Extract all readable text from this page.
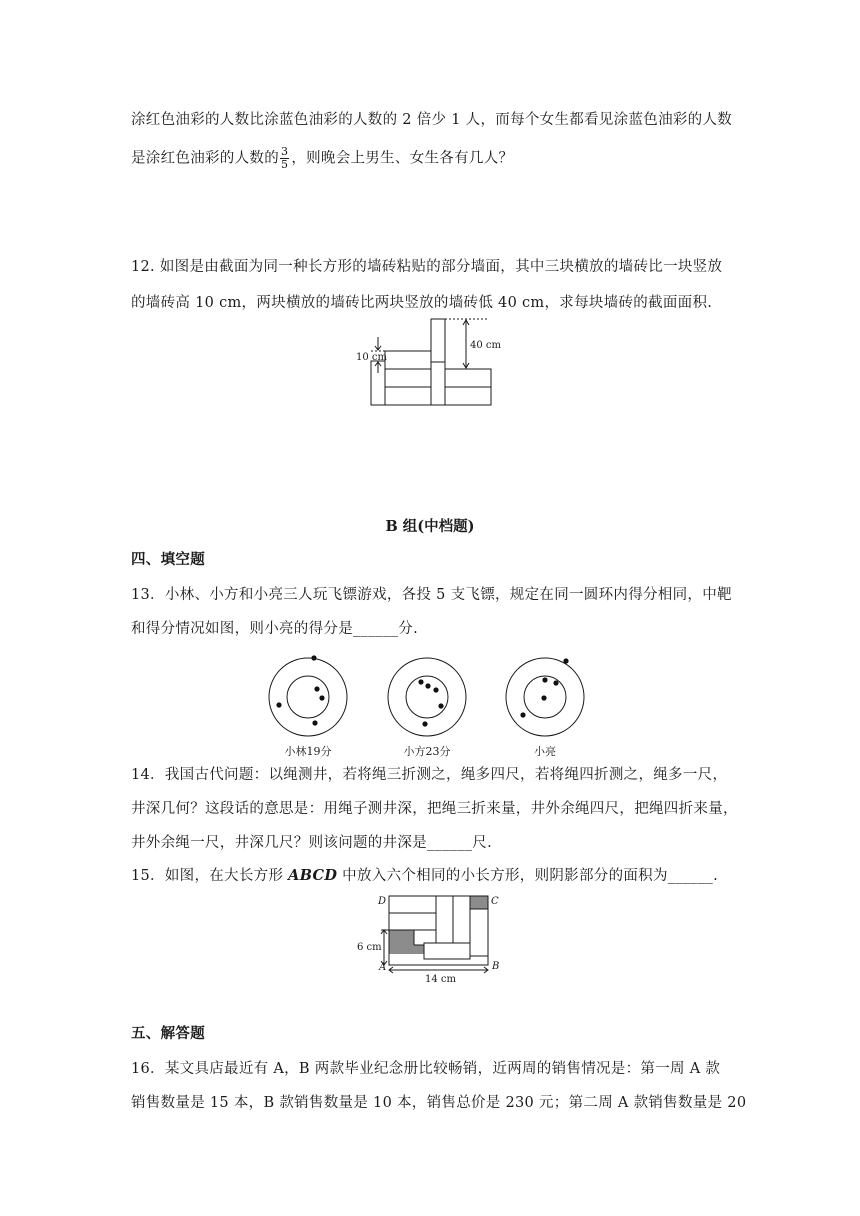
涂红色油彩的人数比涂蓝色油彩的人数的 2 倍少 1 人，而每个女生都看见涂蓝色油彩的人数
是涂红色油彩的人数的 $\frac{3}{5}$ ，则晚会上男生、女生各有几人？
12. 如图是由截面为同一种长方形的墙砖粘贴的部分墙面，其中三块横放的墙砖比一块竖放
的墙砖高 10 cm，两块横放的墙砖比两块竖放的墙砖低 40 cm，求每块墙砖的截面面积.
40 cm
10 cm
B 组(中档题)
四、填空题
13．小林、小方和小亮三人玩飞镖游戏，各投 5 支飞镖，规定在同一圆环内得分相同，中靶
和得分情况如图，则小亮的得分是______分.
小林19分	小方23分	小亮
14．我国古代问题：以绳测井，若将绳三折测之，绳多四尺，若将绳四折测之，绳多一尺，
井深几何？这段话的意思是：用绳子测井深，把绳三折来量，井外余绳四尺，把绳四折来量，
井外余绳一尺，井深几尺？则该问题的井深是______尺.
15．如图，在大长方形 ABCD 中放入六个相同的小长方形，则阴影部分的面积为______.
D	C
A	B
6 cm
14 cm
五、解答题
16．某文具店最近有 A，B 两款毕业纪念册比较畅销，近两周的销售情况是：第一周 A 款
销售数量是 15 本，B 款销售数量是 10 本，销售总价是 230 元；第二周 A 款销售数量是 20
